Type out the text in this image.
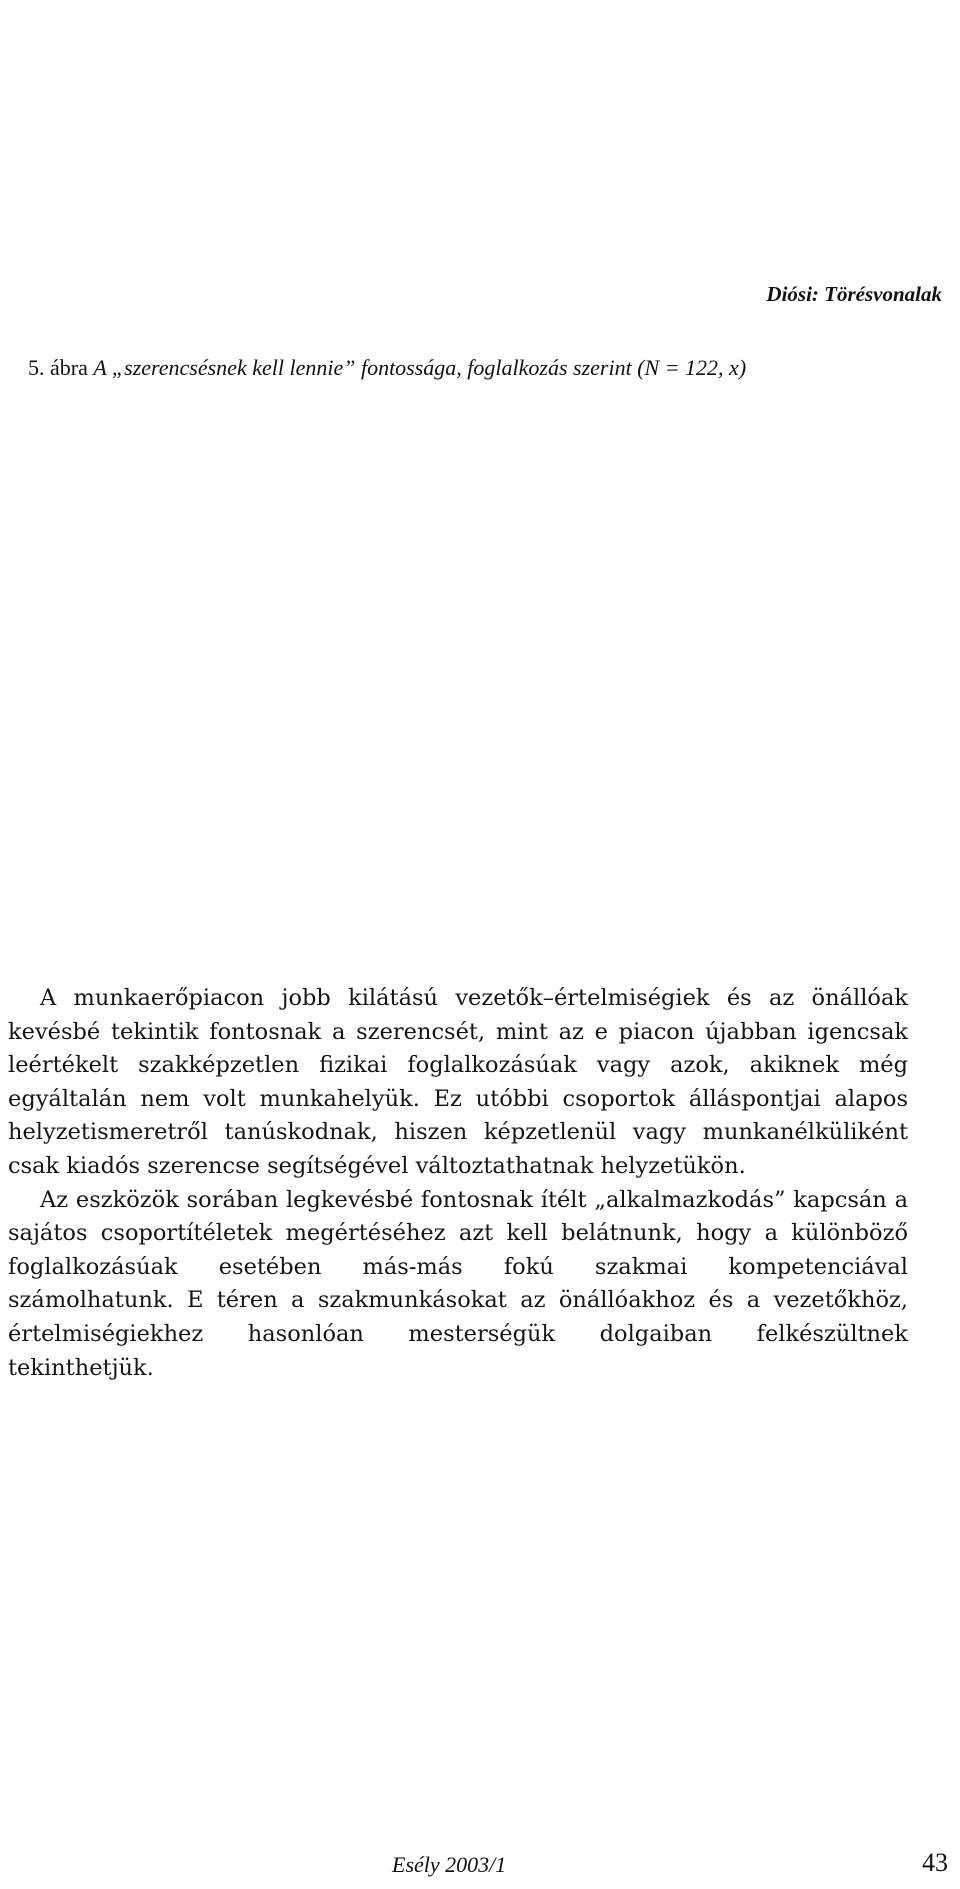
Diósi: Törésvonalak
5. ábra A „szerencsésnek kell lennie” fontossága, foglalkozás szerint (N = 122, x)

A munkaerőpiacon jobb kilátású vezetők–értelmiségiek és az önállóak kevésbé tekintik fontosnak a szerencsét, mint az e piacon újabban igencsak leértékelt szakképzetlen fizikai foglalkozásúak vagy azok, akiknek még egyáltalán nem volt munkahelyük. Ez utóbbi csoportok álláspontjai alapos helyzetismeretről tanúskodnak, hiszen képzetlenül vagy munkanélküliként csak kiadós szerencse segítségével változtathatnak helyzetükön.

Az eszközök sorában legkevésbé fontosnak ítélt „alkalmazkodás” kapcsán a sajátos csoportítéletek megértéséhez azt kell belátnunk, hogy a különböző foglalkozásúak esetében más-más fokú szakmai kompetenciával számolhatunk. E téren a szakmunkásokat az önállóakhoz és a vezetőkhöz, értelmiségiekhez hasonlóan mesterségük dolgaiban felkészültnek tekinthetjük.

Esély 2003/1	43
